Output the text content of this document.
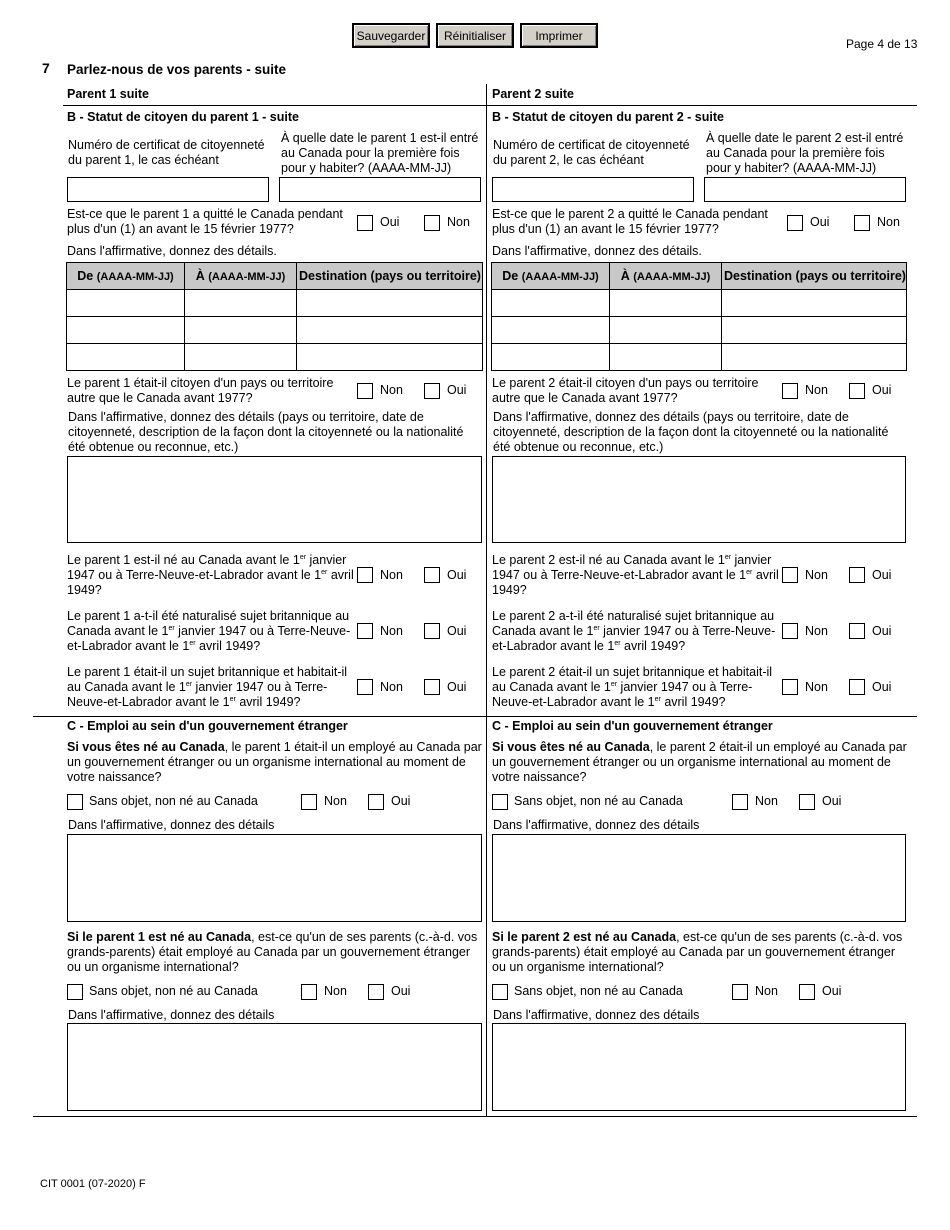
Sauvegarder	Réinitialiser	Imprimer
Page 4 de 13
7 Parlez-nous de vos parents - suite
Parent 1 suite
B - Statut de citoyen du parent 1 - suite
Numéro de certificat de citoyenneté du parent 1, le cas échéant
À quelle date le parent 1 est-il entré au Canada pour la première fois pour y habiter? (AAAA-MM-JJ)
Est-ce que le parent 1 a quitté le Canada pendant plus d'un (1) an avant le 15 février 1977?	Oui	Non
Dans l'affirmative, donnez des détails.
De (AAAA-MM-JJ)	À (AAAA-MM-JJ)	Destination (pays ou territoire)

Le parent 1 était-il citoyen d'un pays ou territoire autre que le Canada avant 1977?
Non	Oui
Dans l'affirmative, donnez des détails (pays ou territoire, date de citoyenneté, description de la façon dont la citoyenneté ou la nationalité été obtenue ou reconnue, etc.)
Le parent 1 est-il né au Canada avant le 1er janvier 1947 ou à Terre-Neuve-et-Labrador avant le 1er avril 1949?
Non	Oui
Le parent 1 a-t-il été naturalisé sujet britannique au Canada avant le 1er janvier 1947 ou à Terre-Neuve-et-Labrador avant le 1er avril 1949?
Non	Oui
Le parent 1 était-il un sujet britannique et habitait-il au Canada avant le 1er janvier 1947 ou à Terre-Neuve-et-Labrador avant le 1er avril 1949?
Non	Oui
C - Emploi au sein d'un gouvernement étranger
Si vous êtes né au Canada, le parent 1 était-il un employé au Canada par un gouvernement étranger ou un organisme international au moment de votre naissance?
Sans objet, non né au Canada	Non	Oui
Dans l'affirmative, donnez des détails
Si le parent 1 est né au Canada, est-ce qu'un de ses parents (c.-à-d. vos grands-parents) était employé au Canada par un gouvernement étranger ou un organisme international?
Sans objet, non né au Canada	Non	Oui
Dans l'affirmative, donnez des détails
Parent 2 suite
B - Statut de citoyen du parent 2 - suite
Numéro de certificat de citoyenneté du parent 2, le cas échéant
À quelle date le parent 2 est-il entré au Canada pour la première fois pour y habiter? (AAAA-MM-JJ)
Est-ce que le parent 2 a quitté le Canada pendant plus d'un (1) an avant le 15 février 1977?	Oui	Non
Dans l'affirmative, donnez des détails.
De (AAAA-MM-JJ)	À (AAAA-MM-JJ)	Destination (pays ou territoire)

Le parent 2 était-il citoyen d'un pays ou territoire autre que le Canada avant 1977?
Non	Oui
Dans l'affirmative, donnez des détails (pays ou territoire, date de citoyenneté, description de la façon dont la citoyenneté ou la nationalité été obtenue ou reconnue, etc.)
Le parent 2 est-il né au Canada avant le 1er janvier 1947 ou à Terre-Neuve-et-Labrador avant le 1er avril 1949?
Non	Oui
Le parent 2 a-t-il été naturalisé sujet britannique au Canada avant le 1er janvier 1947 ou à Terre-Neuve-et-Labrador avant le 1er avril 1949?
Non	Oui
Le parent 2 était-il un sujet britannique et habitait-il au Canada avant le 1er janvier 1947 ou à Terre-Neuve-et-Labrador avant le 1er avril 1949?
Non	Oui
C - Emploi au sein d'un gouvernement étranger
Si vous êtes né au Canada, le parent 2 était-il un employé au Canada par un gouvernement étranger ou un organisme international au moment de votre naissance?
Sans objet, non né au Canada	Non	Oui
Dans l'affirmative, donnez des détails
Si le parent 2 est né au Canada, est-ce qu'un de ses parents (c.-à-d. vos grands-parents) était employé au Canada par un gouvernement étranger ou un organisme international?
Sans objet, non né au Canada	Non	Oui
Dans l'affirmative, donnez des détails
CIT 0001 (07-2020) F
